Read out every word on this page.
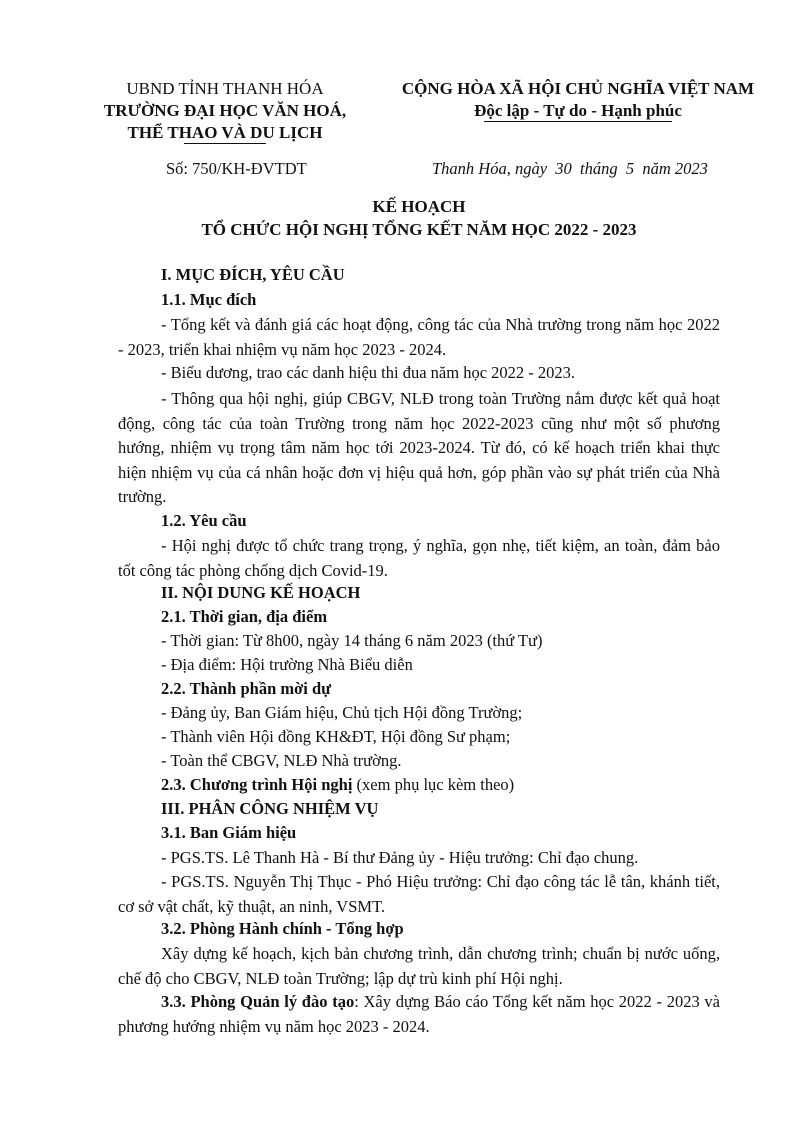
UBND TỈNH THANH HÓA
TRƯỜNG ĐẠI HỌC VĂN HOÁ,
THỂ THAO VÀ DU LỊCH
CỘNG HÒA XÃ HỘI CHỦ NGHĨA VIỆT NAM
Độc lập - Tự do - Hạnh phúc
Số: 750/KH-ĐVTDT	Thanh Hóa, ngày  30  tháng  5  năm 2023
KẾ HOẠCH
TỔ CHỨC HỘI NGHỊ TỔNG KẾT NĂM HỌC 2022 - 2023
I. MỤC ĐÍCH, YÊU CẦU
1.1. Mục đích
- Tổng kết và đánh giá các hoạt động, công tác của Nhà trường trong năm học 2022 - 2023, triển khai nhiệm vụ năm học 2023 - 2024.
- Biểu dương, trao các danh hiệu thi đua năm học 2022 - 2023.
- Thông qua hội nghị, giúp CBGV, NLĐ trong toàn Trường nắm được kết quả hoạt động, công tác của toàn Trường trong năm học 2022-2023 cũng như một số phương hướng, nhiệm vụ trọng tâm năm học tới 2023-2024. Từ đó, có kế hoạch triển khai thực hiện nhiệm vụ của cá nhân hoặc đơn vị hiệu quả hơn, góp phần vào sự phát triển của Nhà trường.
1.2. Yêu cầu
- Hội nghị được tổ chức trang trọng, ý nghĩa, gọn nhẹ, tiết kiệm, an toàn, đảm bảo tốt công tác phòng chống dịch Covid-19.
II. NỘI DUNG KẾ HOẠCH
2.1. Thời gian, địa điểm
- Thời gian: Từ 8h00, ngày 14 tháng 6 năm 2023 (thứ Tư)
- Địa điểm: Hội trường Nhà Biểu diễn
2.2. Thành phần mời dự
- Đảng ủy, Ban Giám hiệu, Chủ tịch Hội đồng Trường;
- Thành viên Hội đồng KH&ĐT, Hội đồng Sư phạm;
- Toàn thể CBGV, NLĐ Nhà trường.
2.3. Chương trình Hội nghị (xem phụ lục kèm theo)
III. PHÂN CÔNG NHIỆM VỤ
3.1. Ban Giám hiệu
- PGS.TS. Lê Thanh Hà - Bí thư Đảng ủy - Hiệu trưởng: Chỉ đạo chung.
- PGS.TS. Nguyễn Thị Thục - Phó Hiệu trưởng: Chỉ đạo công tác lễ tân, khánh tiết, cơ sở vật chất, kỹ thuật, an ninh, VSMT.
3.2. Phòng Hành chính - Tổng hợp
Xây dựng kế hoạch, kịch bản chương trình, dẫn chương trình; chuẩn bị nước uống, chế độ cho CBGV, NLĐ toàn Trường; lập dự trù kinh phí Hội nghị.
3.3. Phòng Quản lý đào tạo: Xây dựng Báo cáo Tổng kết năm học 2022 - 2023 và phương hướng nhiệm vụ năm học 2023 - 2024.
